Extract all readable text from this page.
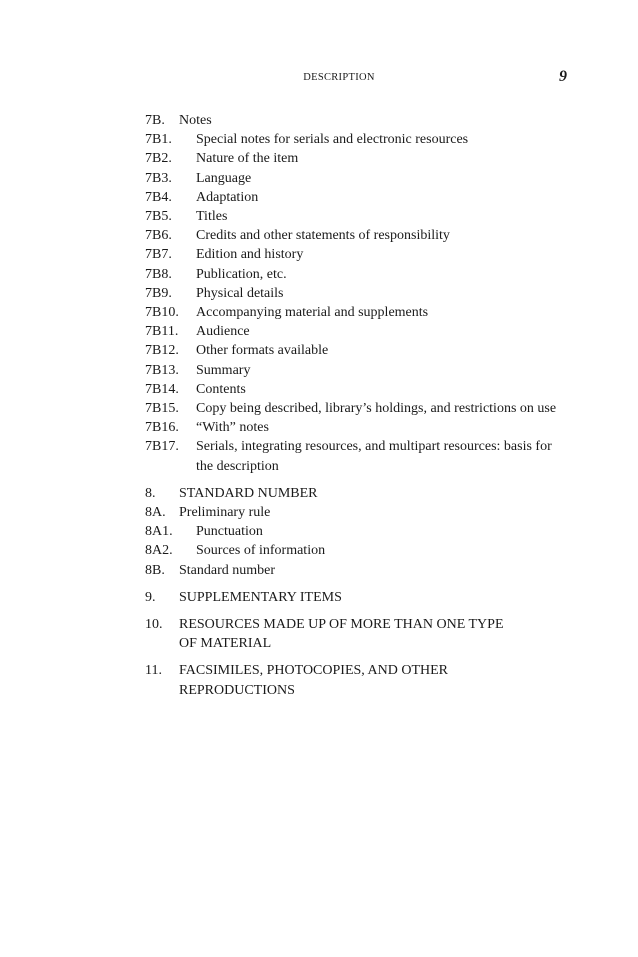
DESCRIPTION	9
7B.	Notes
7B1.	Special notes for serials and electronic resources
7B2.	Nature of the item
7B3.	Language
7B4.	Adaptation
7B5.	Titles
7B6.	Credits and other statements of responsibility
7B7.	Edition and history
7B8.	Publication, etc.
7B9.	Physical details
7B10.	Accompanying material and supplements
7B11.	Audience
7B12.	Other formats available
7B13.	Summary
7B14.	Contents
7B15.	Copy being described, library’s holdings, and restrictions on use
7B16.	“With” notes
7B17.	Serials, integrating resources, and multipart resources: basis for the description
8.	STANDARD NUMBER
8A. Preliminary rule
8A1.	Punctuation
8A2.	Sources of information
8B.	Standard number
9.	SUPPLEMENTARY ITEMS
10.	RESOURCES MADE UP OF MORE THAN ONE TYPE OF MATERIAL
11.	FACSIMILES, PHOTOCOPIES, AND OTHER REPRODUCTIONS
